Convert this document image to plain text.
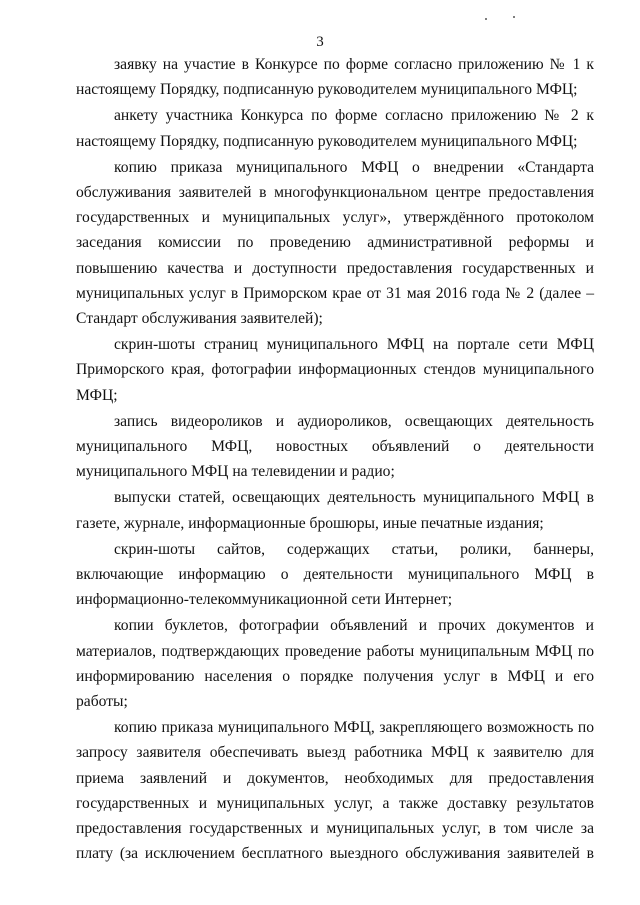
3

заявку на участие в Конкурсе по форме согласно приложению № 1 к настоящему Порядку, подписанную руководителем муниципального МФЦ;

анкету участника Конкурса по форме согласно приложению № 2 к настоящему Порядку, подписанную руководителем муниципального МФЦ;

копию приказа муниципального МФЦ о внедрении «Стандарта обслуживания заявителей в многофункциональном центре предоставления государственных и муниципальных услуг», утверждённого протоколом заседания комиссии по проведению административной реформы и повышению качества и доступности предоставления государственных и муниципальных услуг в Приморском крае от 31 мая 2016 года № 2 (далее – Стандарт обслуживания заявителей);

скрин-шоты страниц муниципального МФЦ на портале сети МФЦ Приморского края, фотографии информационных стендов муниципального МФЦ;

запись видеороликов и аудиороликов, освещающих деятельность муниципального МФЦ, новостных объявлений о деятельности муниципального МФЦ на телевидении и радио;

выпуски статей, освещающих деятельность муниципального МФЦ в газете, журнале, информационные брошюры, иные печатные издания;

скрин-шоты сайтов, содержащих статьи, ролики, баннеры, включающие информацию о деятельности муниципального МФЦ в информационно-телекоммуникационной сети Интернет;

копии буклетов, фотографии объявлений и прочих документов и материалов, подтверждающих проведение работы муниципальным МФЦ по информированию населения о порядке получения услуг в МФЦ и его работы;

копию приказа муниципального МФЦ, закрепляющего возможность по запросу заявителя обеспечивать выезд работника МФЦ к заявителю для приема заявлений и документов, необходимых для предоставления государственных и муниципальных услуг, а также доставку результатов предоставления государственных и муниципальных услуг, в том числе за плату (за исключением бесплатного выездного обслуживания заявителей в
